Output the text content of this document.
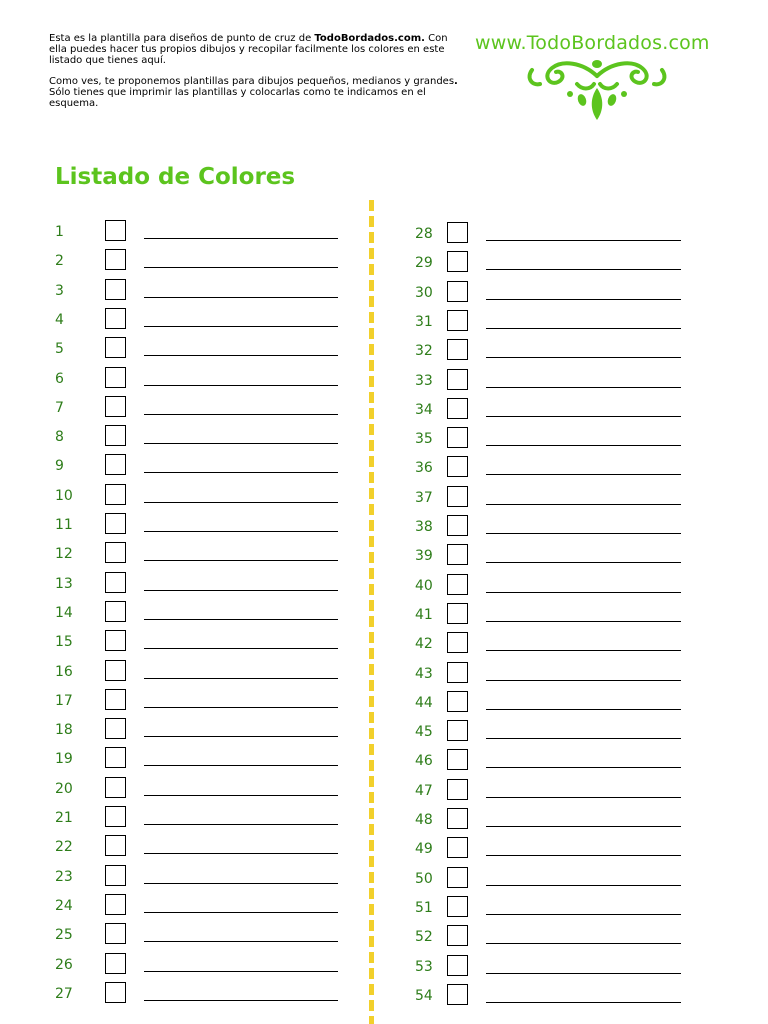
Esta es la plantilla para diseños de punto de cruz de TodoBordados.com. Con ella puedes hacer tus propios dibujos y recopilar facilmente los colores en este listado que tienes aquí.

Como ves, te proponemos plantillas para dibujos pequeños, medianos y grandes. Sólo tienes que imprimir las plantillas y colocarlas como te indicamos en el esquema.

www.TodoBordados.com
Listado de Colores
1
2
3
4
5
6
7
8
9
10
11
12
13
14
15
16
17
18
19
20
21
22
23
24
25
26
27
28
29
30
31
32
33
34
35
36
37
38
39
40
41
42
43
44
45
46
47
48
49
50
51
52
53
54
